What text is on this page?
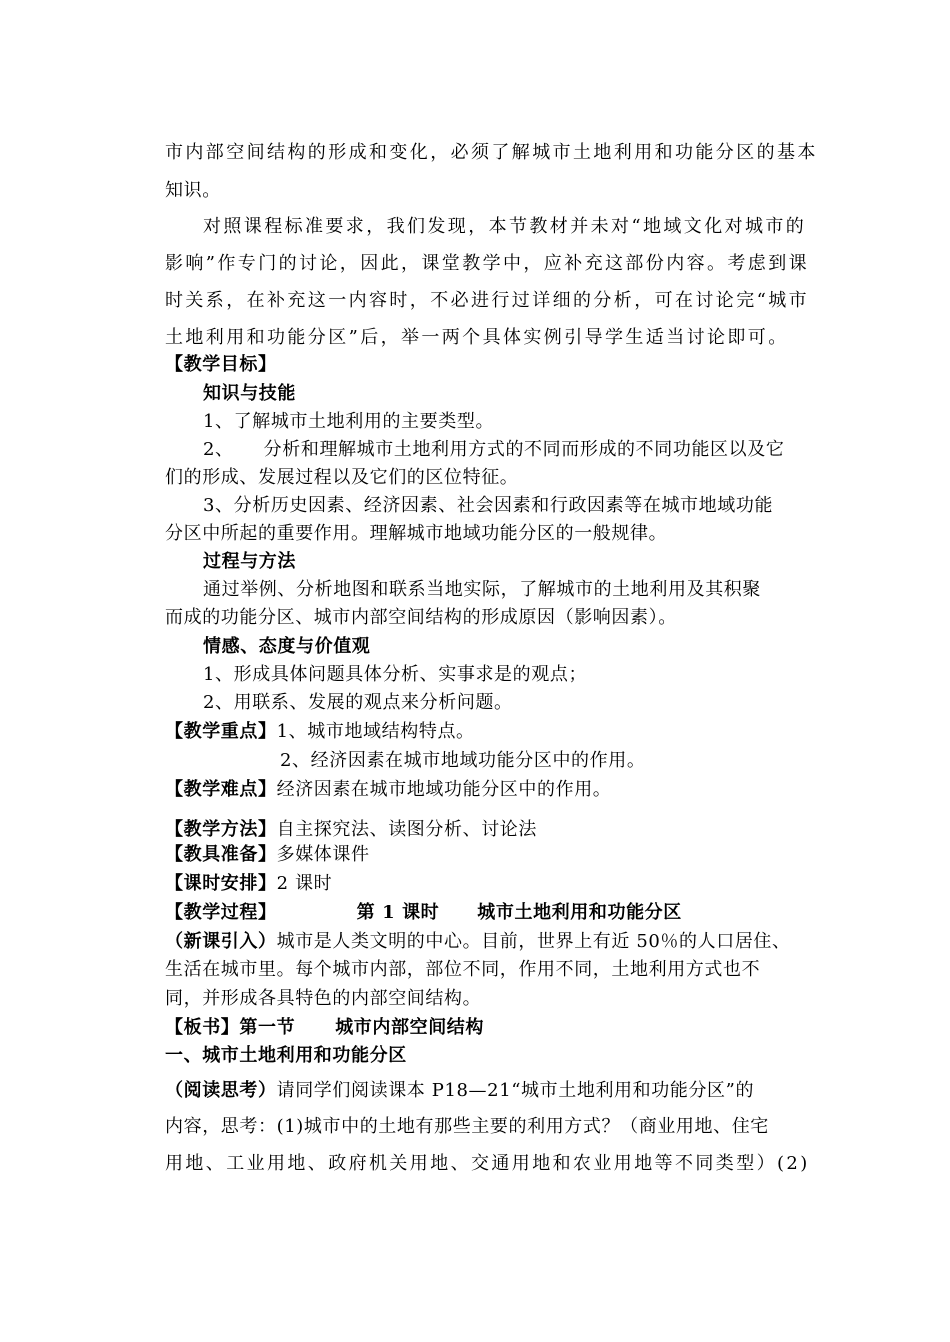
市内部空间结构的形成和变化，必须了解城市土地利用和功能分区的基本
知识。
对照课程标准要求，我们发现，本节教材并未对“地域文化对城市的
影响”作专门的讨论，因此，课堂教学中，应补充这部份内容。考虑到课
时关系，在补充这一内容时，不必进行过详细的分析，可在讨论完“城市
土地利用和功能分区”后，举一两个具体实例引导学生适当讨论即可。
【教学目标】
知识与技能
1、了解城市土地利用的主要类型。
2、 分析和理解城市土地利用方式的不同而形成的不同功能区以及它
们的形成、发展过程以及它们的区位特征。
3、分析历史因素、经济因素、社会因素和行政因素等在城市地域功能
分区中所起的重要作用。理解城市地域功能分区的一般规律。
过程与方法
通过举例、分析地图和联系当地实际，了解城市的土地利用及其积聚
而成的功能分区、城市内部空间结构的形成原因（影响因素）。
情感、态度与价值观
1、形成具体问题具体分析、实事求是的观点；
2、用联系、发展的观点来分析问题。
【教学重点】1、城市地域结构特点。
2、经济因素在城市地域功能分区中的作用。
【教学难点】经济因素在城市地域功能分区中的作用。
【教学方法】自主探究法、读图分析、讨论法
【教具准备】多媒体课件
【课时安排】2 课时
【教学过程】	第 1 课时 城市土地利用和功能分区
（新课引入）城市是人类文明的中心。目前，世界上有近 50％的人口居住、
生活在城市里。每个城市内部，部位不同，作用不同，土地利用方式也不
同，并形成各具特色的内部空间结构。
【板书】第一节 城市内部空间结构
一、城市土地利用和功能分区
（阅读思考）请同学们阅读课本 P18—21“城市土地利用和功能分区”的
内容，思考：(1)城市中的土地有那些主要的利用方式？（商业用地、住宅
用地、工业用地、政府机关用地、交通用地和农业用地等不同类型）(2)
